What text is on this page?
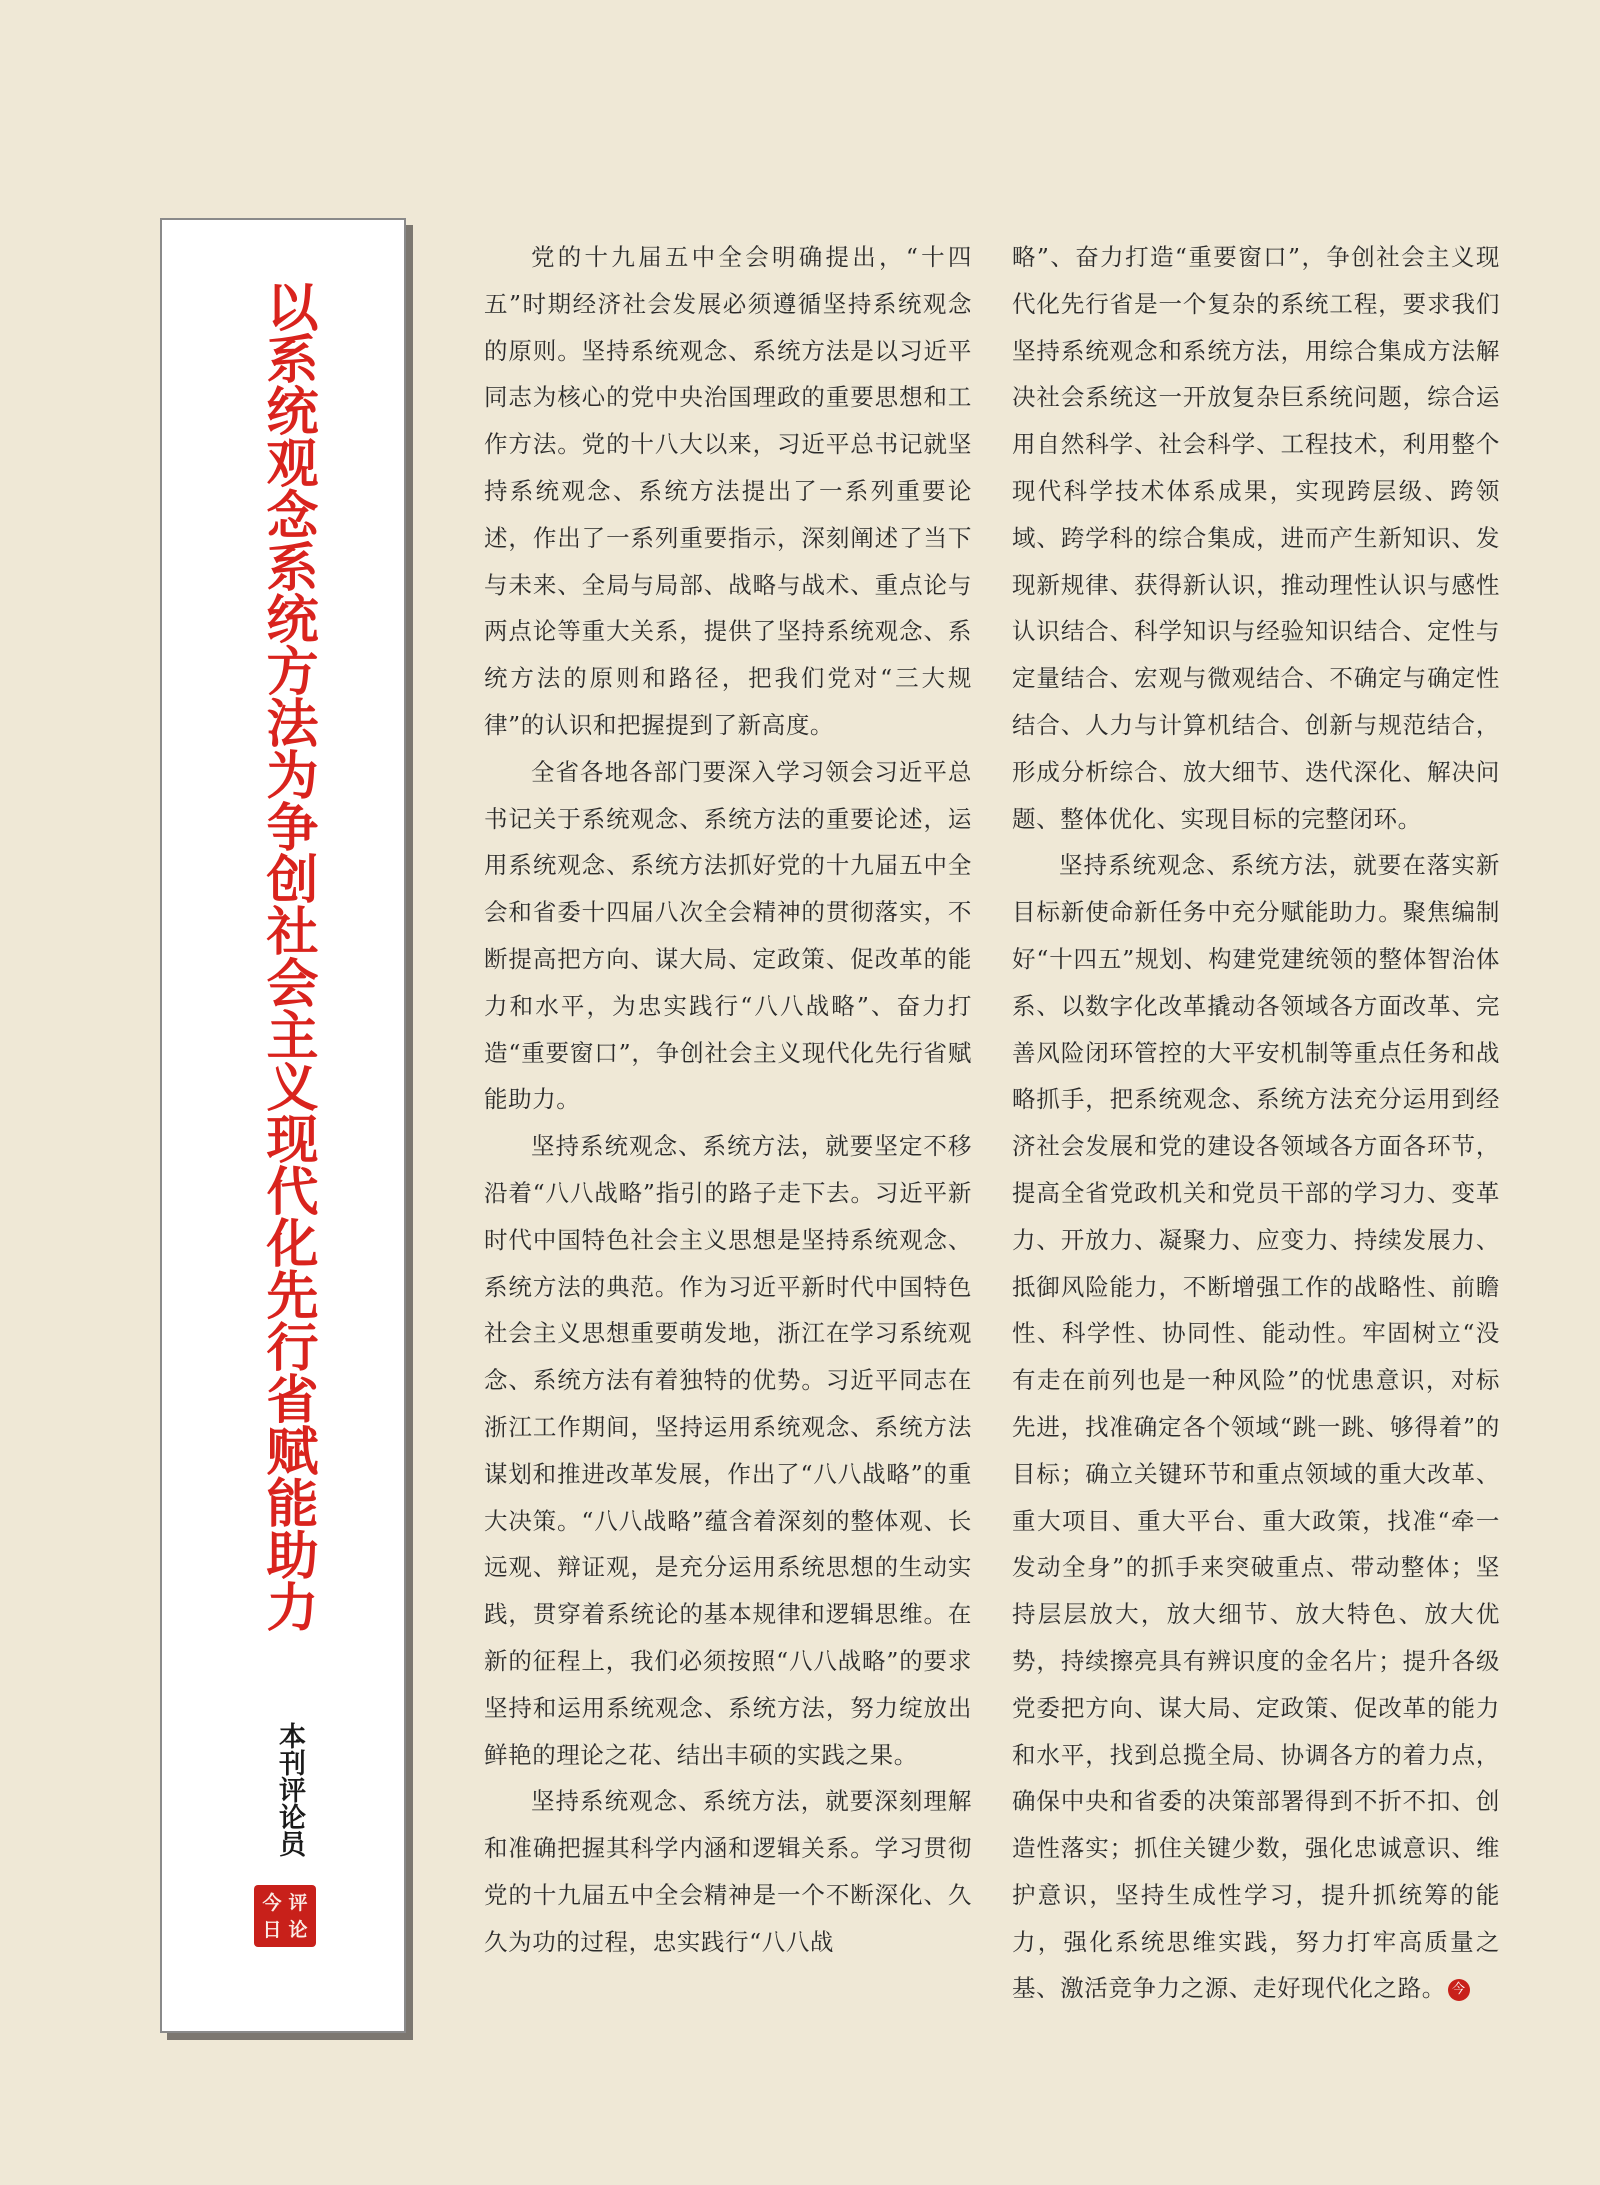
以系统观念系统方法为争创社会主义现代化先行省赋能助力
本刊评论员
今 评
日 论

党的十九届五中全会明确提出，“十四五”时期经济社会发展必须遵循坚持系统观念的原则。坚持系统观念、系统方法是以习近平同志为核心的党中央治国理政的重要思想和工作方法。党的十八大以来，习近平总书记就坚持系统观念、系统方法提出了一系列重要论述，作出了一系列重要指示，深刻阐述了当下与未来、全局与局部、战略与战术、重点论与两点论等重大关系，提供了坚持系统观念、系统方法的原则和路径，把我们党对“三大规律”的认识和把握提到了新高度。

全省各地各部门要深入学习领会习近平总书记关于系统观念、系统方法的重要论述，运用系统观念、系统方法抓好党的十九届五中全会和省委十四届八次全会精神的贯彻落实，不断提高把方向、谋大局、定政策、促改革的能力和水平，为忠实践行“八八战略”、奋力打造“重要窗口”，争创社会主义现代化先行省赋能助力。

坚持系统观念、系统方法，就要坚定不移沿着“八八战略”指引的路子走下去。习近平新时代中国特色社会主义思想是坚持系统观念、系统方法的典范。作为习近平新时代中国特色社会主义思想重要萌发地，浙江在学习系统观念、系统方法有着独特的优势。习近平同志在浙江工作期间，坚持运用系统观念、系统方法谋划和推进改革发展，作出了“八八战略”的重大决策。“八八战略”蕴含着深刻的整体观、长远观、辩证观，是充分运用系统思想的生动实践，贯穿着系统论的基本规律和逻辑思维。在新的征程上，我们必须按照“八八战略”的要求坚持和运用系统观念、系统方法，努力绽放出鲜艳的理论之花、结出丰硕的实践之果。

坚持系统观念、系统方法，就要深刻理解和准确把握其科学内涵和逻辑关系。学习贯彻党的十九届五中全会精神是一个不断深化、久久为功的过程，忠实践行“八八战

略”、奋力打造“重要窗口”，争创社会主义现代化先行省是一个复杂的系统工程，要求我们坚持系统观念和系统方法，用综合集成方法解决社会系统这一开放复杂巨系统问题，综合运用自然科学、社会科学、工程技术，利用整个现代科学技术体系成果，实现跨层级、跨领域、跨学科的综合集成，进而产生新知识、发现新规律、获得新认识，推动理性认识与感性认识结合、科学知识与经验知识结合、定性与定量结合、宏观与微观结合、不确定与确定性结合、人力与计算机结合、创新与规范结合，形成分析综合、放大细节、迭代深化、解决问题、整体优化、实现目标的完整闭环。

坚持系统观念、系统方法，就要在落实新目标新使命新任务中充分赋能助力。聚焦编制好“十四五”规划、构建党建统领的整体智治体系、以数字化改革撬动各领域各方面改革、完善风险闭环管控的大平安机制等重点任务和战略抓手，把系统观念、系统方法充分运用到经济社会发展和党的建设各领域各方面各环节，提高全省党政机关和党员干部的学习力、变革力、开放力、凝聚力、应变力、持续发展力、抵御风险能力，不断增强工作的战略性、前瞻性、科学性、协同性、能动性。牢固树立“没有走在前列也是一种风险”的忧患意识，对标先进，找准确定各个领域“跳一跳、够得着”的目标；确立关键环节和重点领域的重大改革、重大项目、重大平台、重大政策，找准“牵一发动全身”的抓手来突破重点、带动整体；坚持层层放大，放大细节、放大特色、放大优势，持续擦亮具有辨识度的金名片；提升各级党委把方向、谋大局、定政策、促改革的能力和水平，找到总揽全局、协调各方的着力点，确保中央和省委的决策部署得到不折不扣、创造性落实；抓住关键少数，强化忠诚意识、维护意识，坚持生成性学习，提升抓统筹的能力，强化系统思维实践，努力打牢高质量之基、激活竞争力之源、走好现代化之路。 今
